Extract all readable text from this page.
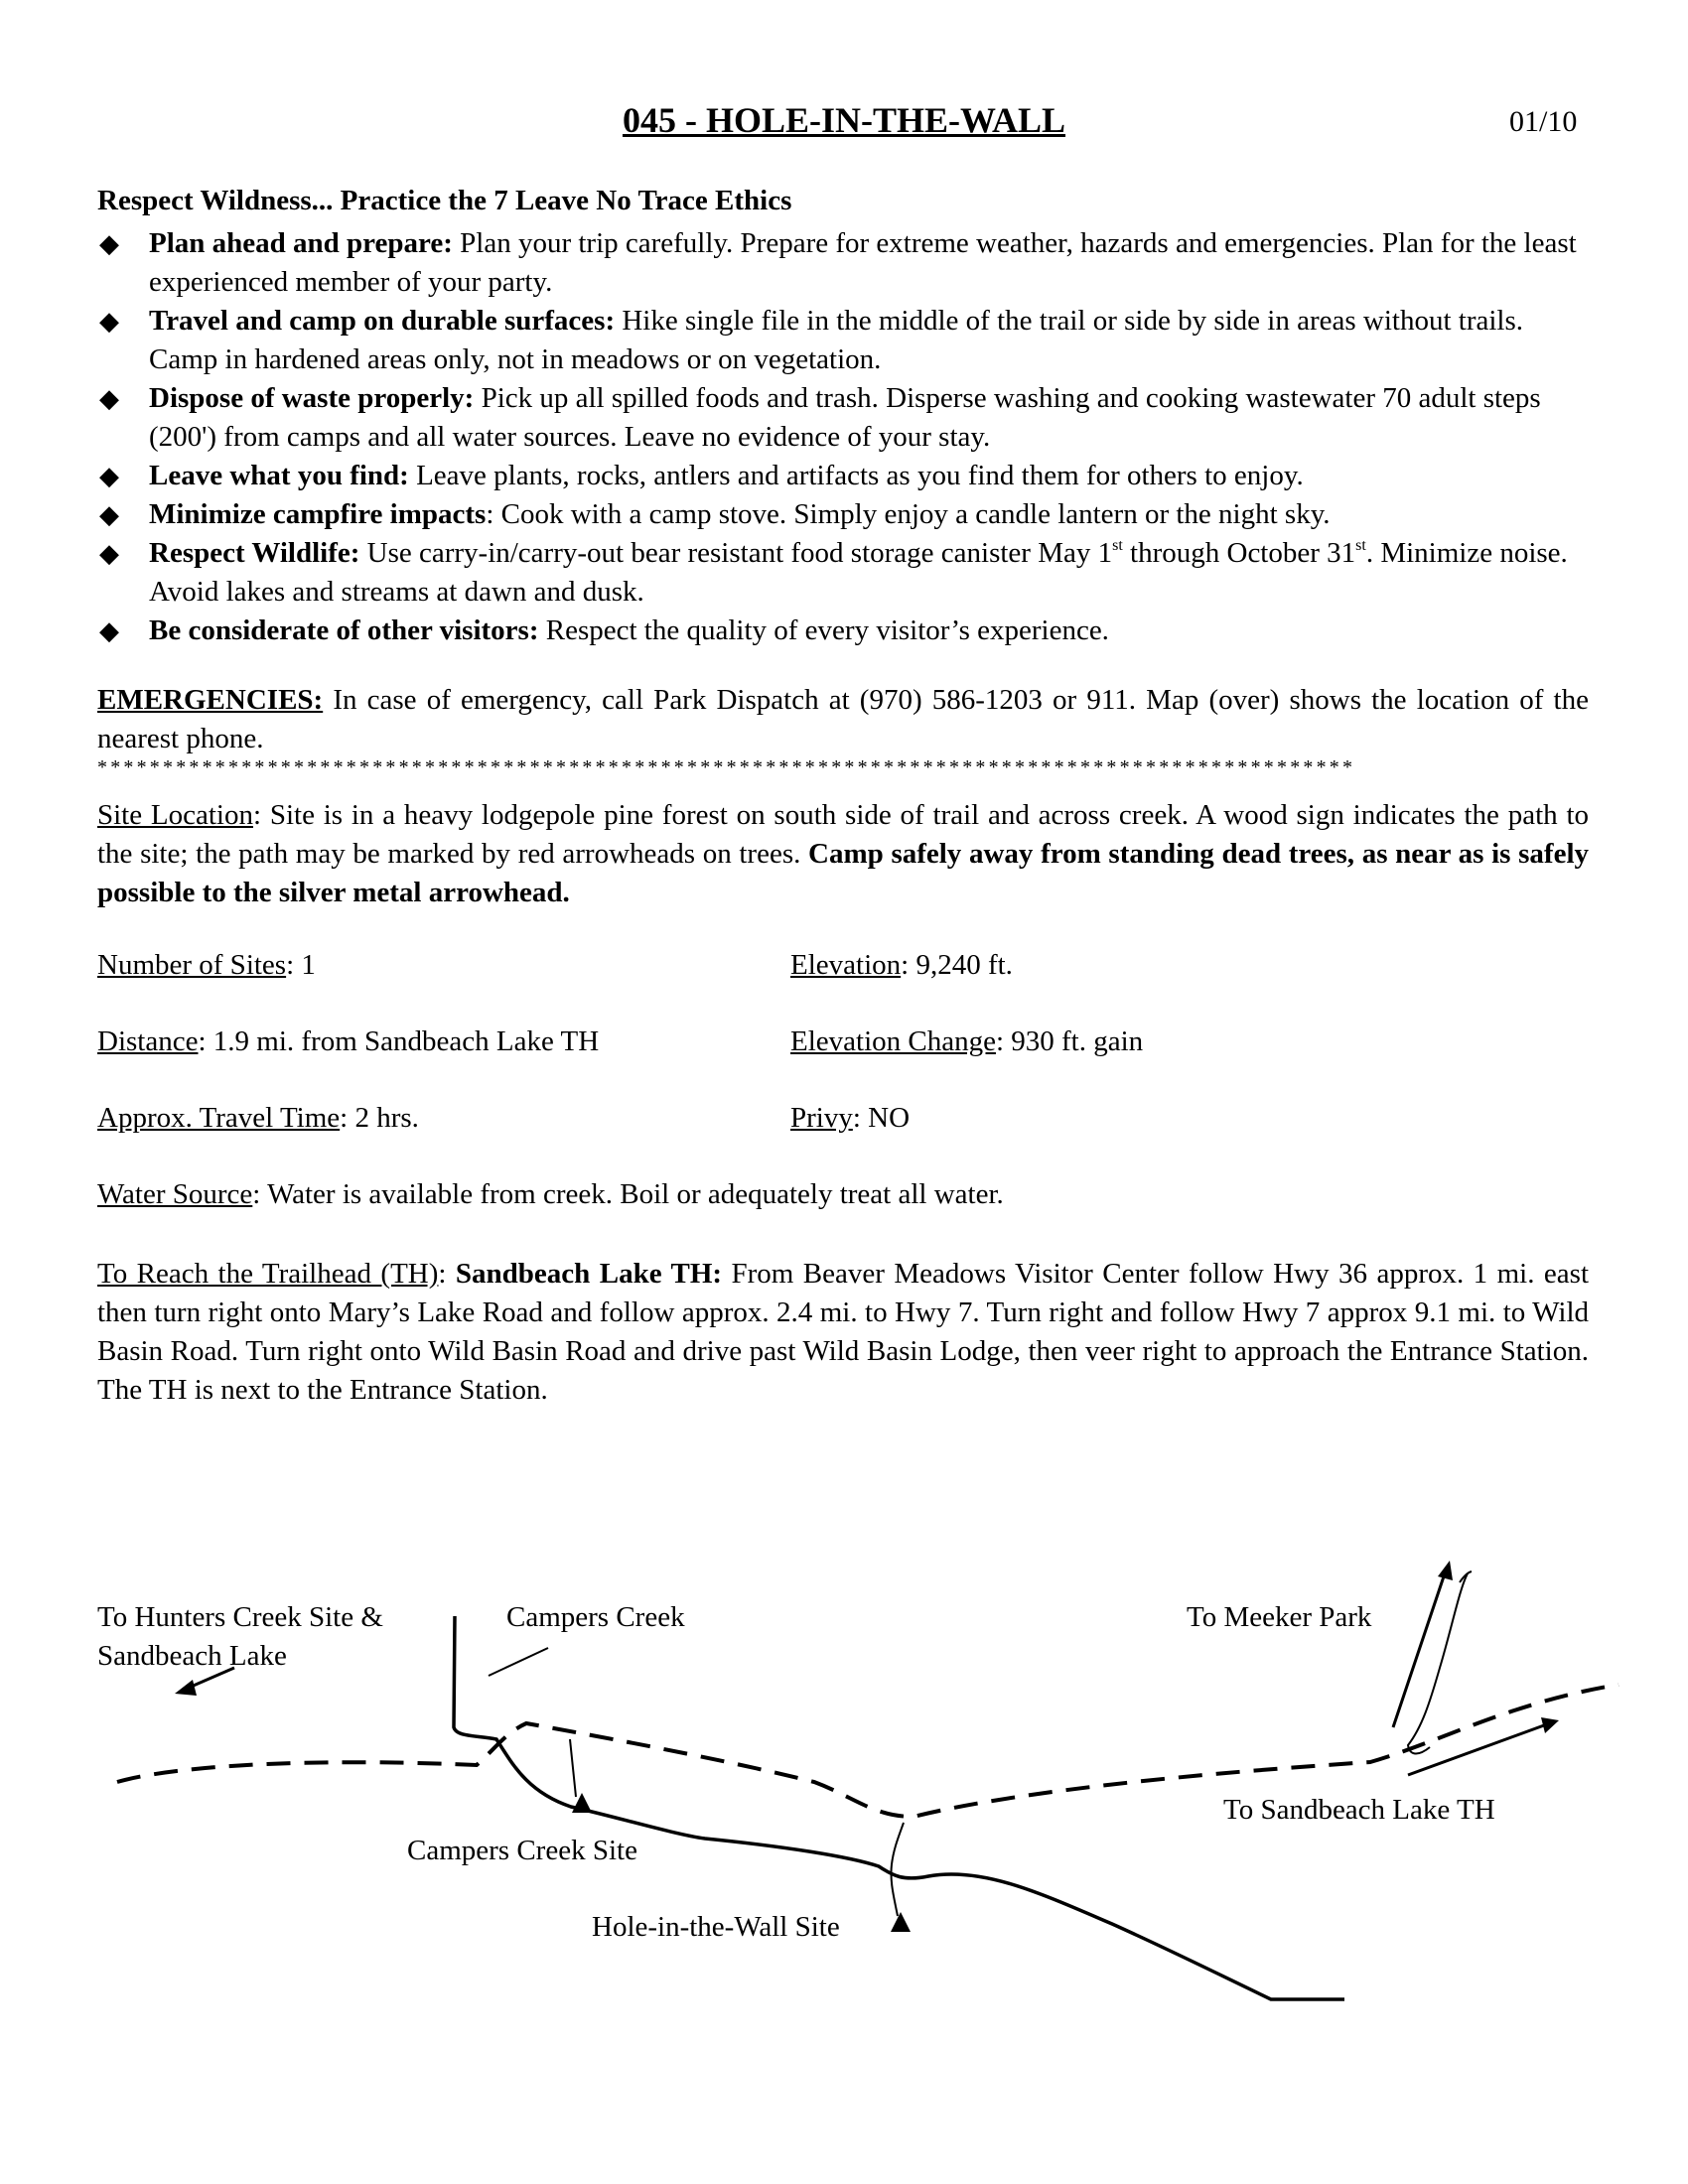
045 - HOLE-IN-THE-WALL	01/10
Respect Wildness... Practice the 7 Leave No Trace Ethics
◆ Plan ahead and prepare: Plan your trip carefully. Prepare for extreme weather, hazards and emergencies. Plan for the least experienced member of your party.
◆ Travel and camp on durable surfaces: Hike single file in the middle of the trail or side by side in areas without trails. Camp in hardened areas only, not in meadows or on vegetation.
◆ Dispose of waste properly: Pick up all spilled foods and trash. Disperse washing and cooking wastewater 70 adult steps (200') from camps and all water sources. Leave no evidence of your stay.
◆ Leave what you find: Leave plants, rocks, antlers and artifacts as you find them for others to enjoy.
◆ Minimize campfire impacts: Cook with a camp stove. Simply enjoy a candle lantern or the night sky.
◆ Respect Wildlife: Use carry-in/carry-out bear resistant food storage canister May 1st through October 31st. Minimize noise. Avoid lakes and streams at dawn and dusk.
◆ Be considerate of other visitors: Respect the quality of every visitor’s experience.
EMERGENCIES: In case of emergency, call Park Dispatch at (970) 586-1203 or 911. Map (over) shows the location of the nearest phone.
************************************************************************************************
Site Location: Site is in a heavy lodgepole pine forest on south side of trail and across creek. A wood sign indicates the path to the site; the path may be marked by red arrowheads on trees. Camp safely away from standing dead trees, as near as is safely possible to the silver metal arrowhead.
Number of Sites: 1	Elevation: 9,240 ft.
Distance: 1.9 mi. from Sandbeach Lake TH	Elevation Change: 930 ft. gain
Approx. Travel Time: 2 hrs.	Privy: NO
Water Source: Water is available from creek. Boil or adequately treat all water.
To Reach the Trailhead (TH): Sandbeach Lake TH: From Beaver Meadows Visitor Center follow Hwy 36 approx. 1 mi. east then turn right onto Mary’s Lake Road and follow approx. 2.4 mi. to Hwy 7. Turn right and follow Hwy 7 approx 9.1 mi. to Wild Basin Road. Turn right onto Wild Basin Road and drive past Wild Basin Lodge, then veer right to approach the Entrance Station. The TH is next to the Entrance Station.
To Hunters Creek Site &
Sandbeach Lake
Campers Creek	To Meeker Park
To Sandbeach Lake TH
Campers Creek Site
Hole-in-the-Wall Site
